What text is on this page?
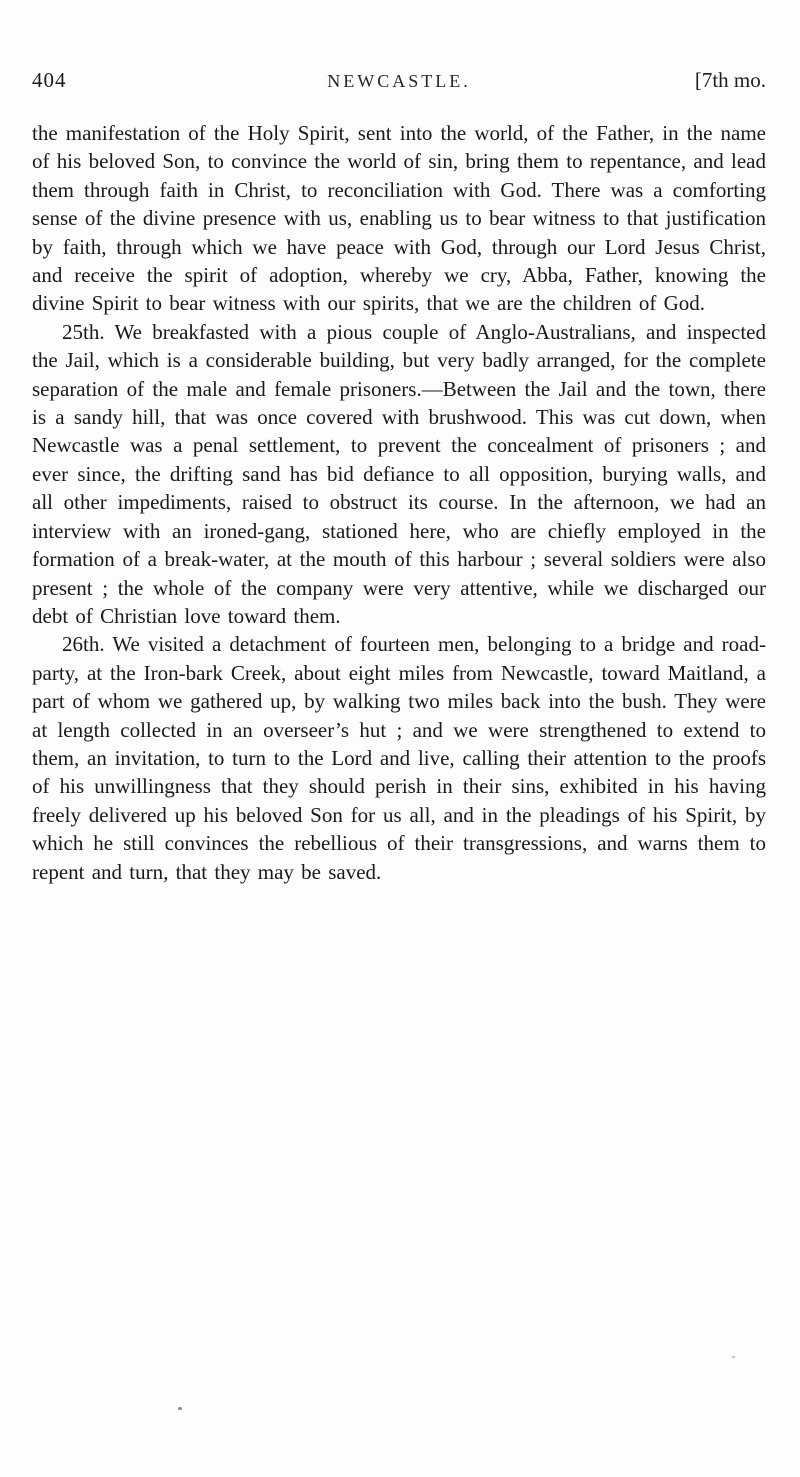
404	NEWCASTLE.	[7th mo.

the manifestation of the Holy Spirit, sent into the world, of the Father, in the name of his beloved Son, to convince the world of sin, bring them to repentance, and lead them through faith in Christ, to reconciliation with God. There was a comforting sense of the divine presence with us, enabling us to bear witness to that justification by faith, through which we have peace with God, through our Lord Jesus Christ, and receive the spirit of adoption, whereby we cry, Abba, Father, knowing the divine Spirit to bear witness with our spirits, that we are the children of God.

25th. We breakfasted with a pious couple of Anglo-Australians, and inspected the Jail, which is a considerable building, but very badly arranged, for the complete separation of the male and female prisoners.—Between the Jail and the town, there is a sandy hill, that was once covered with brushwood. This was cut down, when Newcastle was a penal settlement, to prevent the concealment of prisoners ; and ever since, the drifting sand has bid defiance to all opposition, burying walls, and all other impediments, raised to obstruct its course. In the afternoon, we had an interview with an ironed-gang, stationed here, who are chiefly employed in the formation of a break-water, at the mouth of this harbour ; several soldiers were also present ; the whole of the company were very attentive, while we discharged our debt of Christian love toward them.

26th. We visited a detachment of fourteen men, belonging to a bridge and road-party, at the Iron-bark Creek, about eight miles from Newcastle, toward Maitland, a part of whom we gathered up, by walking two miles back into the bush. They were at length collected in an overseer’s hut ; and we were strengthened to extend to them, an invitation, to turn to the Lord and live, calling their attention to the proofs of his unwillingness that they should perish in their sins, exhibited in his having freely delivered up his beloved Son for us all, and in the pleadings of his Spirit, by which he still convinces the rebellious of their transgressions, and warns them to repent and turn, that they may be saved.
